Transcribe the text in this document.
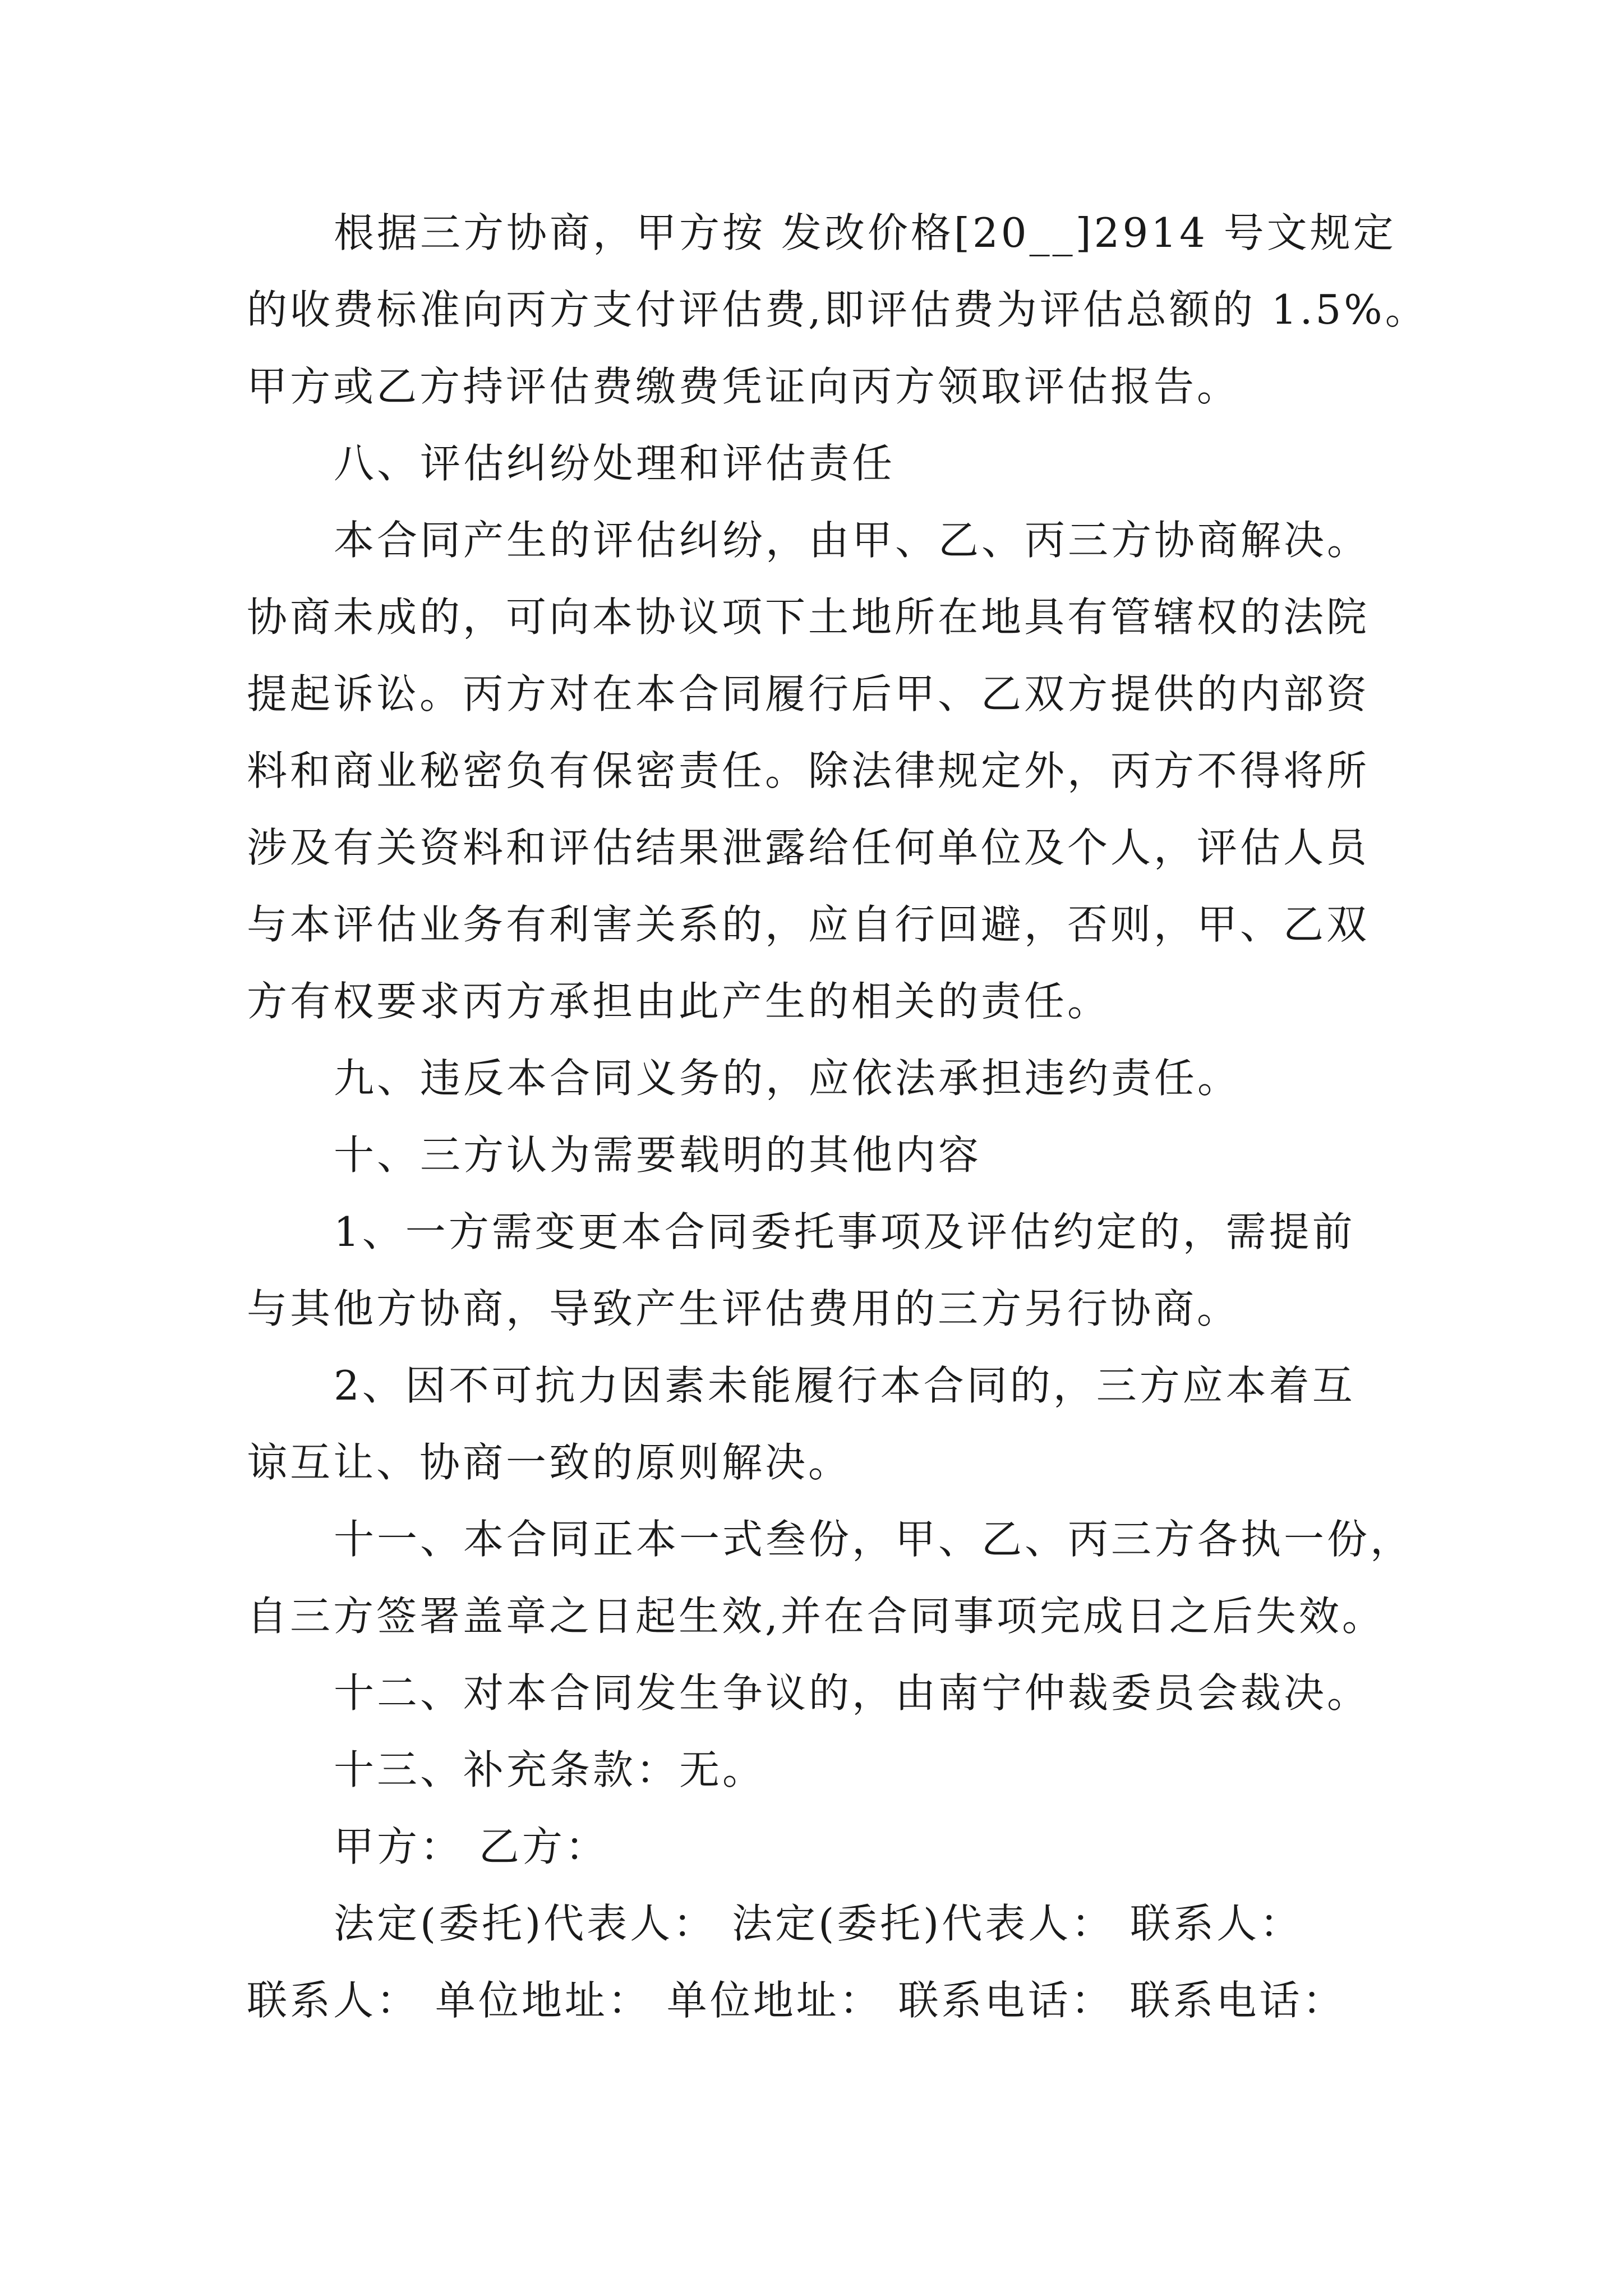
根据三方协商，甲方按 发改价格[20__]2914 号文规定
的收费标准向丙方支付评估费,即评估费为评估总额的 1.5%。
甲方或乙方持评估费缴费凭证向丙方领取评估报告。
八、评估纠纷处理和评估责任
本合同产生的评估纠纷，由甲、乙、丙三方协商解决。
协商未成的，可向本协议项下土地所在地具有管辖权的法院
提起诉讼。丙方对在本合同履行后甲、乙双方提供的内部资
料和商业秘密负有保密责任。除法律规定外，丙方不得将所
涉及有关资料和评估结果泄露给任何单位及个人，评估人员
与本评估业务有利害关系的，应自行回避，否则，甲、乙双
方有权要求丙方承担由此产生的相关的责任。
九、违反本合同义务的，应依法承担违约责任。
十、三方认为需要载明的其他内容
1、一方需变更本合同委托事项及评估约定的，需提前
与其他方协商，导致产生评估费用的三方另行协商。
2、因不可抗力因素未能履行本合同的，三方应本着互
谅互让、协商一致的原则解决。
十一、本合同正本一式叁份，甲、乙、丙三方各执一份，
自三方签署盖章之日起生效,并在合同事项完成日之后失效。
十二、对本合同发生争议的，由南宁仲裁委员会裁决。
十三、补充条款：无。
甲方： 乙方：
法定(委托)代表人： 法定(委托)代表人： 联系人：
联系人： 单位地址： 单位地址： 联系电话： 联系电话：
